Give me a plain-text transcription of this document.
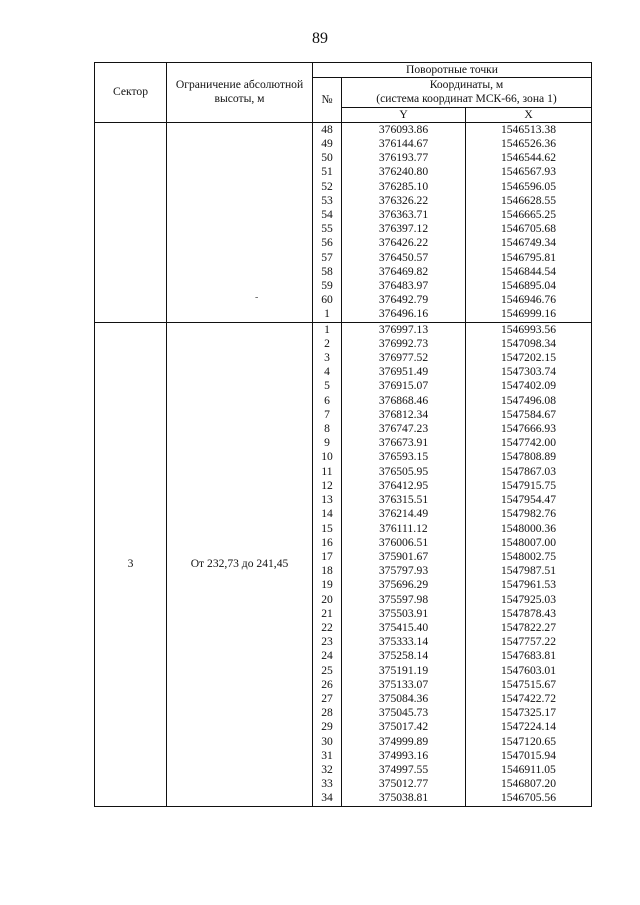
89
Сектор	Ограничение абсолютной высоты, м	Поворотные точки		
		№	Координаты, м	
			(система координат МСК-66, зона 1)	
			Y	X
		48	376093.86	1546513.38
		49	376144.67	1546526.36
		50	376193.77	1546544.62
		51	376240.80	1546567.93
		52	376285.10	1546596.05
		53	376326.22	1546628.55
		54	376363.71	1546665.25
		55	376397.12	1546705.68
		56	376426.22	1546749.34
		57	376450.57	1546795.81
		58	376469.82	1546844.54
		59	376483.97	1546895.04
		60	376492.79	1546946.76
		1	376496.16	1546999.16
3	От 232,73 до 241,45	1	376997.13	1546993.56
		2	376992.73	1547098.34
		3	376977.52	1547202.15
		4	376951.49	1547303.74
		5	376915.07	1547402.09
		6	376868.46	1547496.08
		7	376812.34	1547584.67
		8	376747.23	1547666.93
		9	376673.91	1547742.00
		10	376593.15	1547808.89
		11	376505.95	1547867.03
		12	376412.95	1547915.75
		13	376315.51	1547954.47
		14	376214.49	1547982.76
		15	376111.12	1548000.36
		16	376006.51	1548007.00
		17	375901.67	1548002.75
		18	375797.93	1547987.51
		19	375696.29	1547961.53
		20	375597.98	1547925.03
		21	375503.91	1547878.43
		22	375415.40	1547822.27
		23	375333.14	1547757.22
		24	375258.14	1547683.81
		25	375191.19	1547603.01
		26	375133.07	1547515.67
		27	375084.36	1547422.72
		28	375045.73	1547325.17
		29	375017.42	1547224.14
		30	374999.89	1547120.65
		31	374993.16	1547015.94
		32	374997.55	1546911.05
		33	375012.77	1546807.20
		34	375038.81	1546705.56
-
